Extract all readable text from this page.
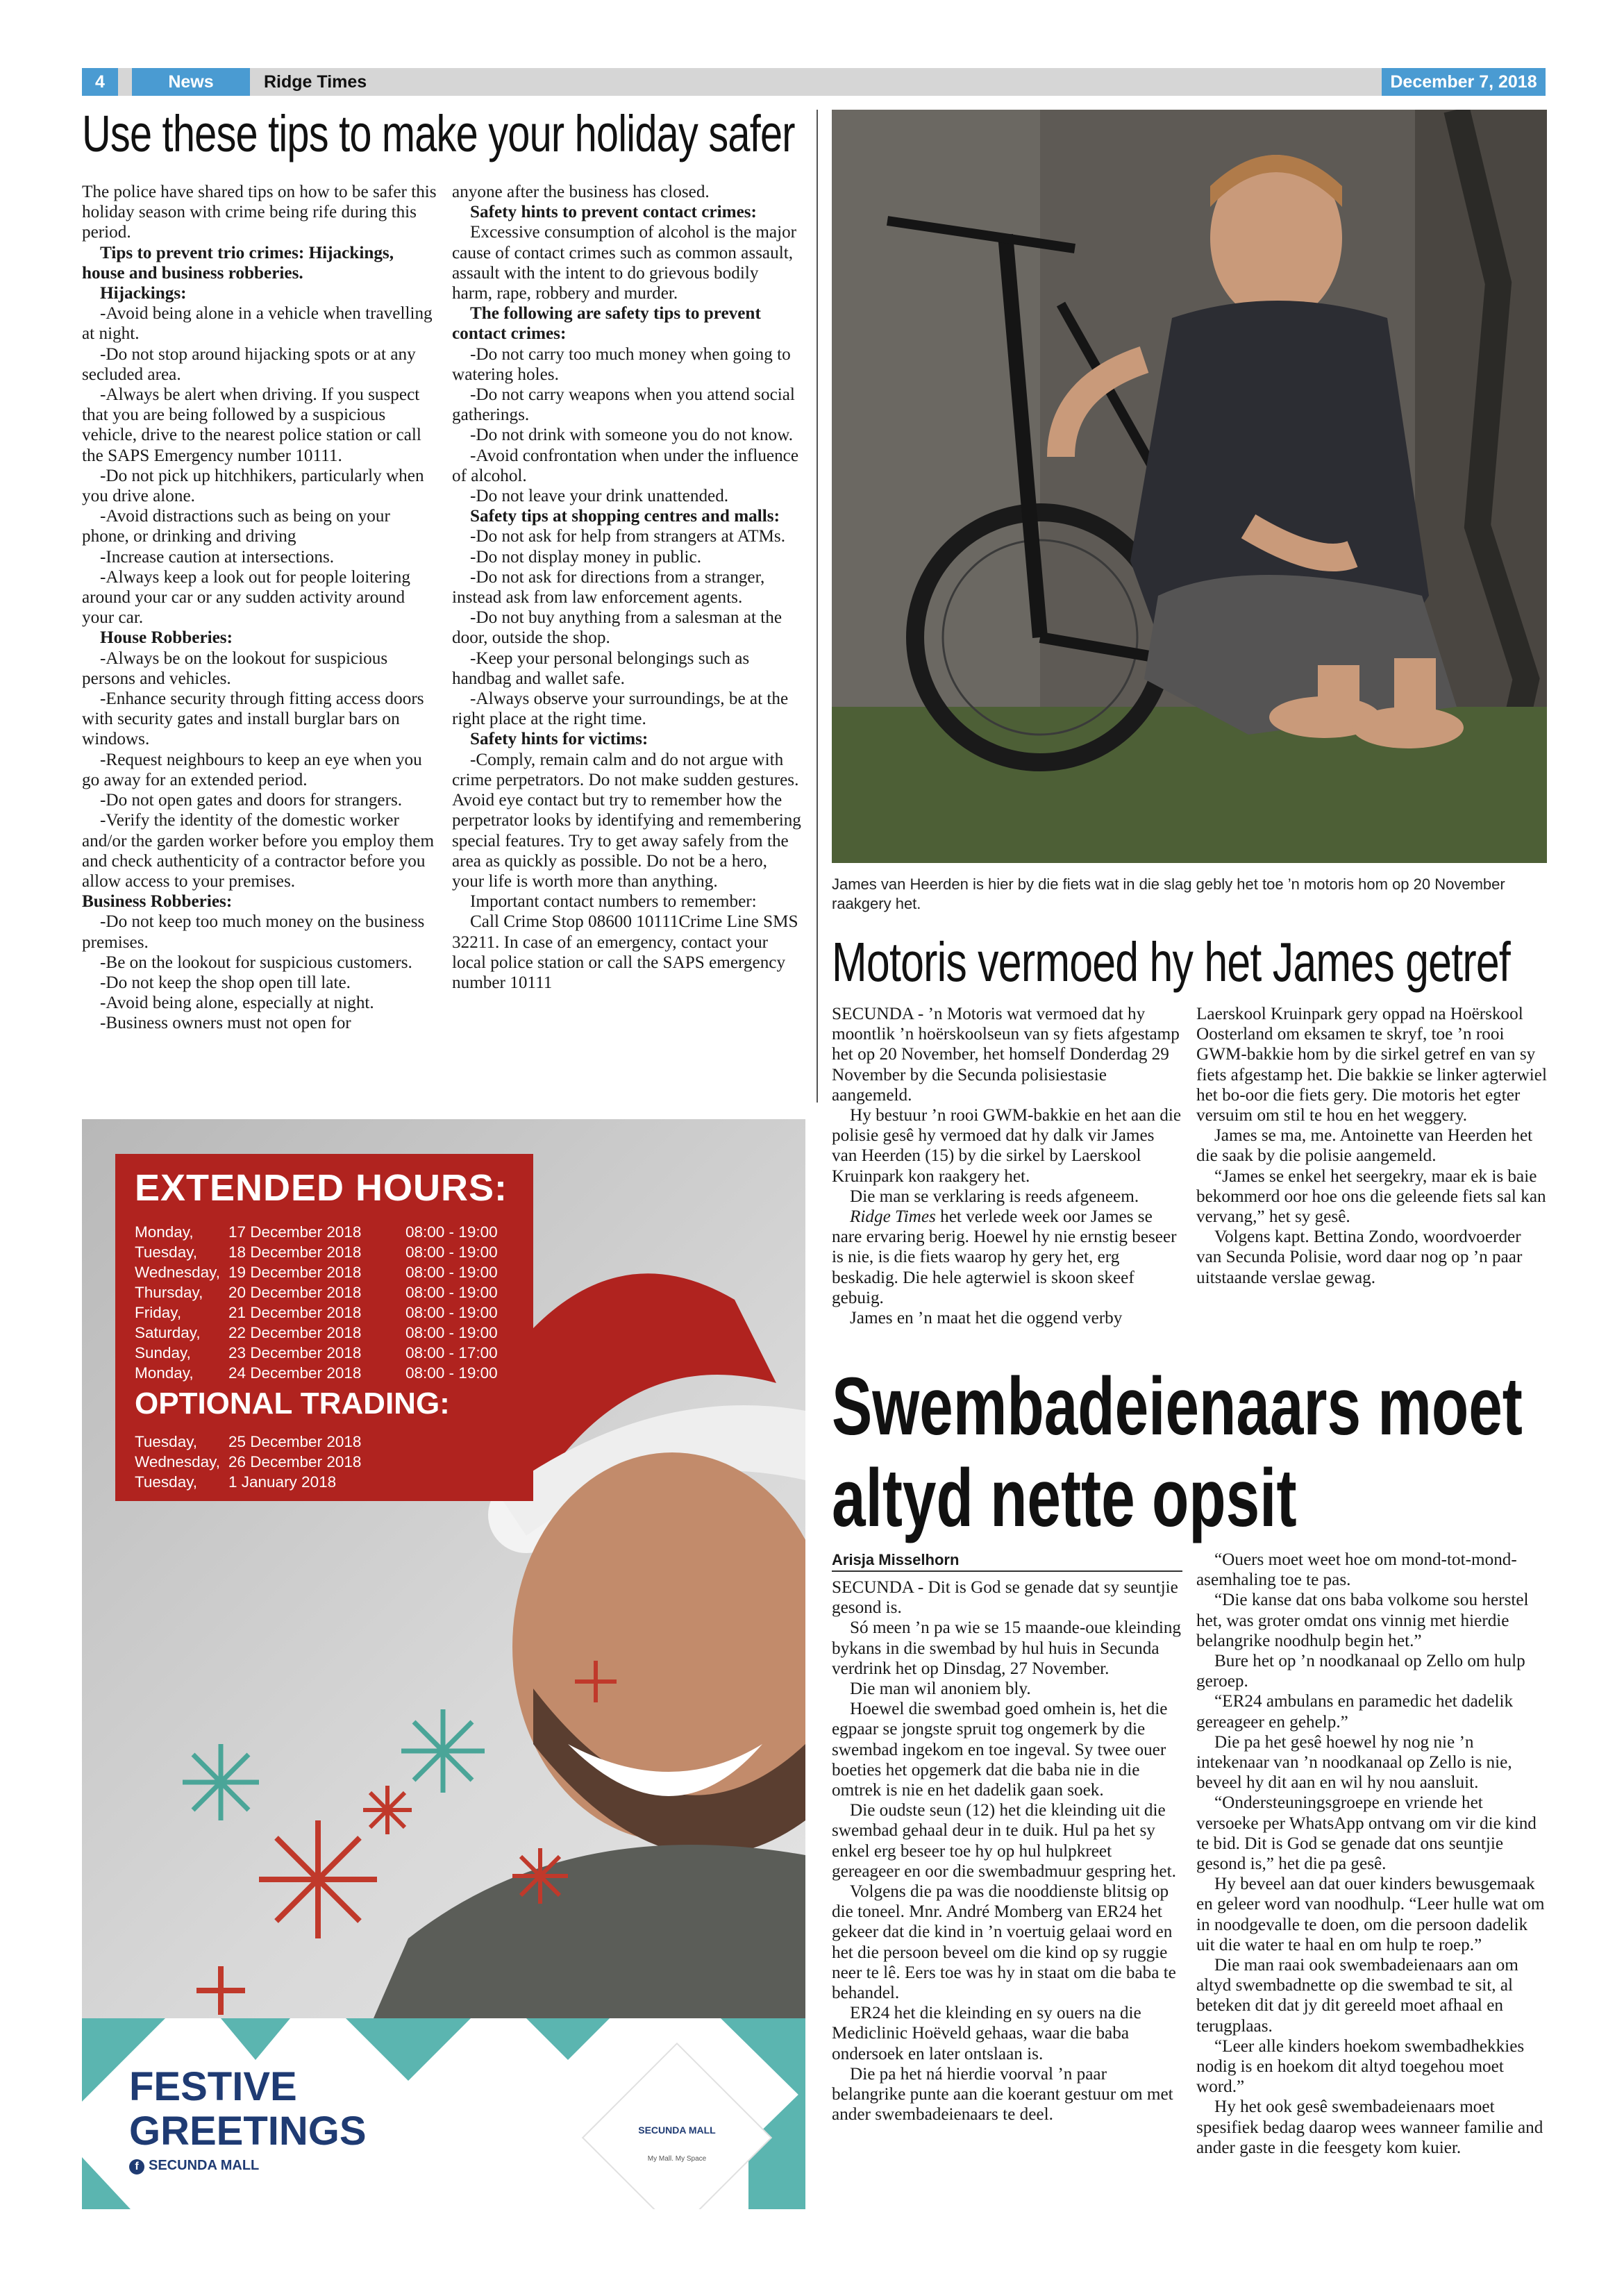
4	News	Ridge Times	December 7, 2018
Use these tips to make your holiday safer

The police have shared tips on how to be safer this holiday season with crime being rife during this period.

Tips to prevent trio crimes: Hijackings, house and business robberies.

Hijackings:

-Avoid being alone in a vehicle when travelling at night.

-Do not stop around hijacking spots or at any secluded area.

-Always be alert when driving. If you suspect that you are being followed by a suspicious vehicle, drive to the nearest police station or call the SAPS Emergency number 10111.

-Do not pick up hitchhikers, particularly when you drive alone.

-Avoid distractions such as being on your phone, or drinking and driving

-Increase caution at intersections.

-Always keep a look out for people loitering around your car or any sudden activity around your car.

House Robberies:

-Always be on the lookout for suspicious persons and vehicles.

-Enhance security through fitting access doors with security gates and install burglar bars on windows.

-Request neighbours to keep an eye when you go away for an extended period.

-Do not open gates and doors for strangers.

-Verify the identity of the domestic worker and/or the garden worker before you employ them and check authenticity of a contractor before you allow access to your premises.

Business Robberies:

-Do not keep too much money on the business premises.

-Be on the lookout for suspicious customers.

-Do not keep the shop open till late.

-Avoid being alone, especially at night.

-Business owners must not open for

anyone after the business has closed.

Safety hints to prevent contact crimes:

Excessive consumption of alcohol is the major cause of contact crimes such as common assault, assault with the intent to do grievous bodily harm, rape, robbery and murder.

The following are safety tips to prevent contact crimes:

-Do not carry too much money when going to watering holes.

-Do not carry weapons when you attend social gatherings.

-Do not drink with someone you do not know.

-Avoid confrontation when under the influence of alcohol.

-Do not leave your drink unattended.

Safety tips at shopping centres and malls:

-Do not ask for help from strangers at ATMs.

-Do not display money in public.

-Do not ask for directions from a stranger, instead ask from law enforcement agents.

-Do not buy anything from a salesman at the door, outside the shop.

-Keep your personal belongings such as handbag and wallet safe.

-Always observe your surroundings, be at the right place at the right time.

Safety hints for victims:

-Comply, remain calm and do not argue with crime perpetrators. Do not make sudden gestures. Avoid eye contact but try to remember how the perpetrator looks by identifying and remembering special features. Try to get away safely from the area as quickly as possible. Do not be a hero, your life is worth more than anything.

Important contact numbers to remember:

Call Crime Stop 08600 10111Crime Line SMS 32211. In case of an emergency, contact your local police station or call the SAPS emergency number 10111

James van Heerden is hier by die fiets wat in die slag gebly het toe ’n motoris hom op 20 November raakgery het.
Motoris vermoed hy het James getref

SECUNDA - ’n Motoris wat vermoed dat hy moontlik ’n hoërskoolseun van sy fiets afgestamp het op 20 November, het homself Donderdag 29 November by die Secunda polisiestasie aangemeld.

Hy bestuur ’n rooi GWM-bakkie en het aan die polisie gesê hy vermoed dat hy dalk vir James van Heerden (15) by die sirkel by Laerskool Kruinpark kon raakgery het.

Die man se verklaring is reeds afgeneem.

Ridge Times het verlede week oor James se nare ervaring berig. Hoewel hy nie ernstig beseer is nie, is die fiets waarop hy gery het, erg beskadig. Die hele agterwiel is skoon skeef gebuig.

James en ’n maat het die oggend verby

Laerskool Kruinpark gery oppad na Hoërskool Oosterland om eksamen te skryf, toe ’n rooi GWM-bakkie hom by die sirkel getref en van sy fiets afgestamp het. Die bakkie se linker agterwiel het bo-oor die fiets gery. Die motoris het egter versuim om stil te hou en het weggery.

James se ma, me. Antoinette van Heerden het die saak by die polisie aangemeld.

“James se enkel het seergekry, maar ek is baie bekommerd oor hoe ons die geleende fiets sal kan vervang,” het sy gesê.

Volgens kapt. Bettina Zondo, woordvoerder van Secunda Polisie, word daar nog op ’n paar uitstaande verslae gewag.

Swembadeienaars moet altyd nette opsit
Arisja Misselhorn

SECUNDA - Dit is God se genade dat sy seuntjie gesond is.

Só meen ’n pa wie se 15 maande-oue kleinding bykans in die swembad by hul huis in Secunda verdrink het op Dinsdag, 27 November.

Die man wil anoniem bly.

Hoewel die swembad goed omhein is, het die egpaar se jongste spruit tog ongemerk by die swembad ingekom en toe ingeval. Sy twee ouer boeties het opgemerk dat die baba nie in die omtrek is nie en het dadelik gaan soek.

Die oudste seun (12) het die kleinding uit die swembad gehaal deur in te duik. Hul pa het sy enkel erg beseer toe hy op hul hulpkreet gereageer en oor die swembadmuur gespring het.

Volgens die pa was die nooddienste blitsig op die toneel. Mnr. André Momberg van ER24 het gekeer dat die kind in ’n voertuig gelaai word en het die persoon beveel om die kind op sy ruggie neer te lê. Eers toe was hy in staat om die baba te behandel.

ER24 het die kleinding en sy ouers na die Mediclinic Hoëveld gehaas, waar die baba ondersoek en later ontslaan is.

Die pa het ná hierdie voorval ’n paar belangrike punte aan die koerant gestuur om met ander swembadeienaars te deel.

“Ouers moet weet hoe om mond-tot-mond-asemhaling toe te pas.

“Die kanse dat ons baba volkome sou herstel het, was groter omdat ons vinnig met hierdie belangrike noodhulp begin het.”

Bure het op ’n noodkanaal op Zello om hulp geroep.

“ER24 ambulans en paramedic het dadelik gereageer en gehelp.”

Die pa het gesê hoewel hy nog nie ’n intekenaar van ’n noodkanaal op Zello is nie, beveel hy dit aan en wil hy nou aansluit.

“Ondersteuningsgroepe en vriende het versoeke per WhatsApp ontvang om vir die kind te bid. Dit is God se genade dat ons seuntjie gesond is,” het die pa gesê.

Hy beveel aan dat ouer kinders bewusgemaak en geleer word van noodhulp. “Leer hulle wat om in noodgevalle te doen, om die persoon dadelik uit die water te haal en om hulp te roep.”

Die man raai ook swembadeienaars aan om altyd swembadnette op die swembad te sit, al beteken dit dat jy dit gereeld moet afhaal en terugplaas.

“Leer alle kinders hoekom swembadhekkies nodig is en hoekom dit altyd toegehou moet word.”

Hy het ook gesê swembadeienaars moet spesifiek bedag daarop wees wanneer familie and ander gaste in die feesgety kom kuier.

EXTENDED HOURS:
Monday, 17 December 2018	08:00 - 19:00
Tuesday, 18 December 2018	08:00 - 19:00
Wednesday, 19 December 2018	08:00 - 19:00
Thursday, 20 December 2018	08:00 - 19:00
Friday,	21 December 2018	08:00 - 19:00
Saturday, 22 December 2018	08:00 - 19:00
Sunday, 23 December 2018	08:00 - 17:00
Monday, 24 December 2018	08:00 - 19:00
OPTIONAL TRADING:
Tuesday, 25 December 2018
Wednesday, 26 December 2018
Tuesday, 1 January 2018
FESTIVE
GREETINGS
f SECUNDA MALL
SECUNDA MALL
My Mall. My Space
